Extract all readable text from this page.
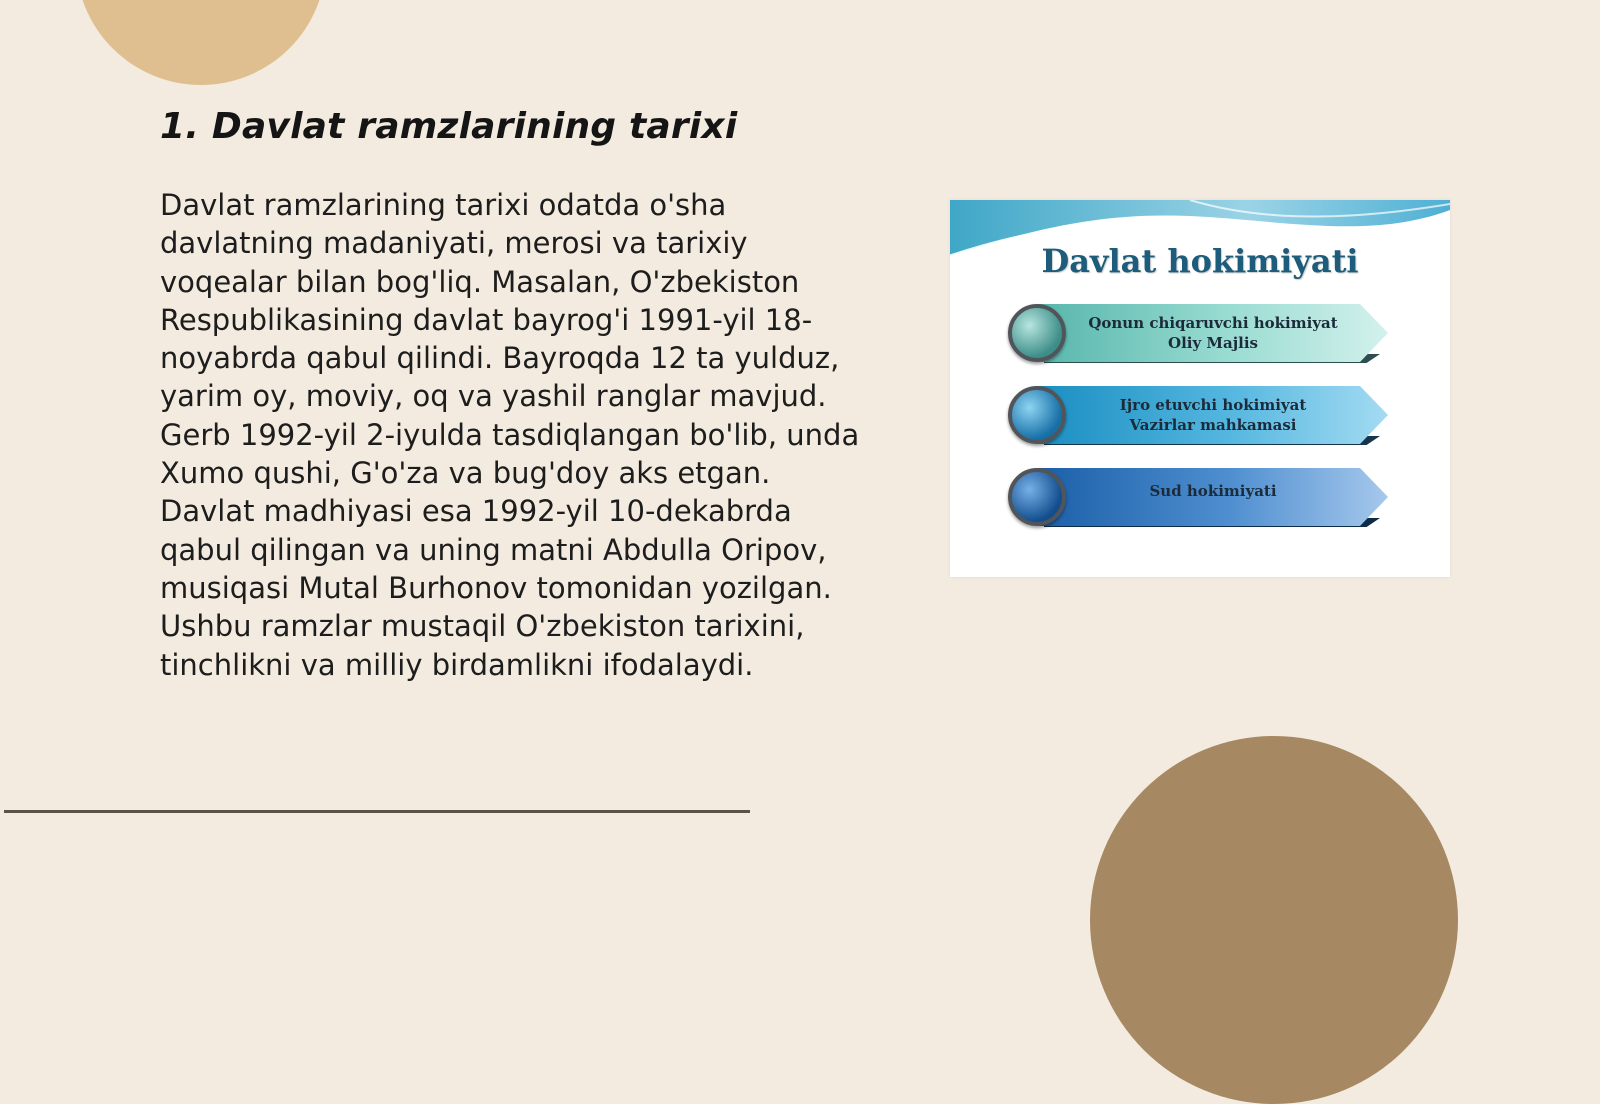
1. Davlat ramzlarining tarixi

Davlat ramzlarining tarixi odatda o'sha davlatning madaniyati, merosi va tarixiy voqealar bilan bog'liq. Masalan, O'zbekiston Respublikasining davlat bayrog'i 1991-yil 18-noyabrda qabul qilindi. Bayroqda 12 ta yulduz, yarim oy, moviy, oq va yashil ranglar mavjud. Gerb 1992-yil 2-iyulda tasdiqlangan bo'lib, unda Xumo qushi, G'o'za va bug'doy aks etgan. Davlat madhiyasi esa 1992-yil 10-dekabrda qabul qilingan va uning matni Abdulla Oripov, musiqasi Mutal Burhonov tomonidan yozilgan. Ushbu ramzlar mustaqil O'zbekiston tarixini, tinchlikni va milliy birdamlikni ifodalaydi.

Davlat hokimiyati
Qonun chiqaruvchi hokimiyat
Oliy Majlis
Ijro etuvchi hokimiyat
Vazirlar mahkamasi
Sud hokimiyati
